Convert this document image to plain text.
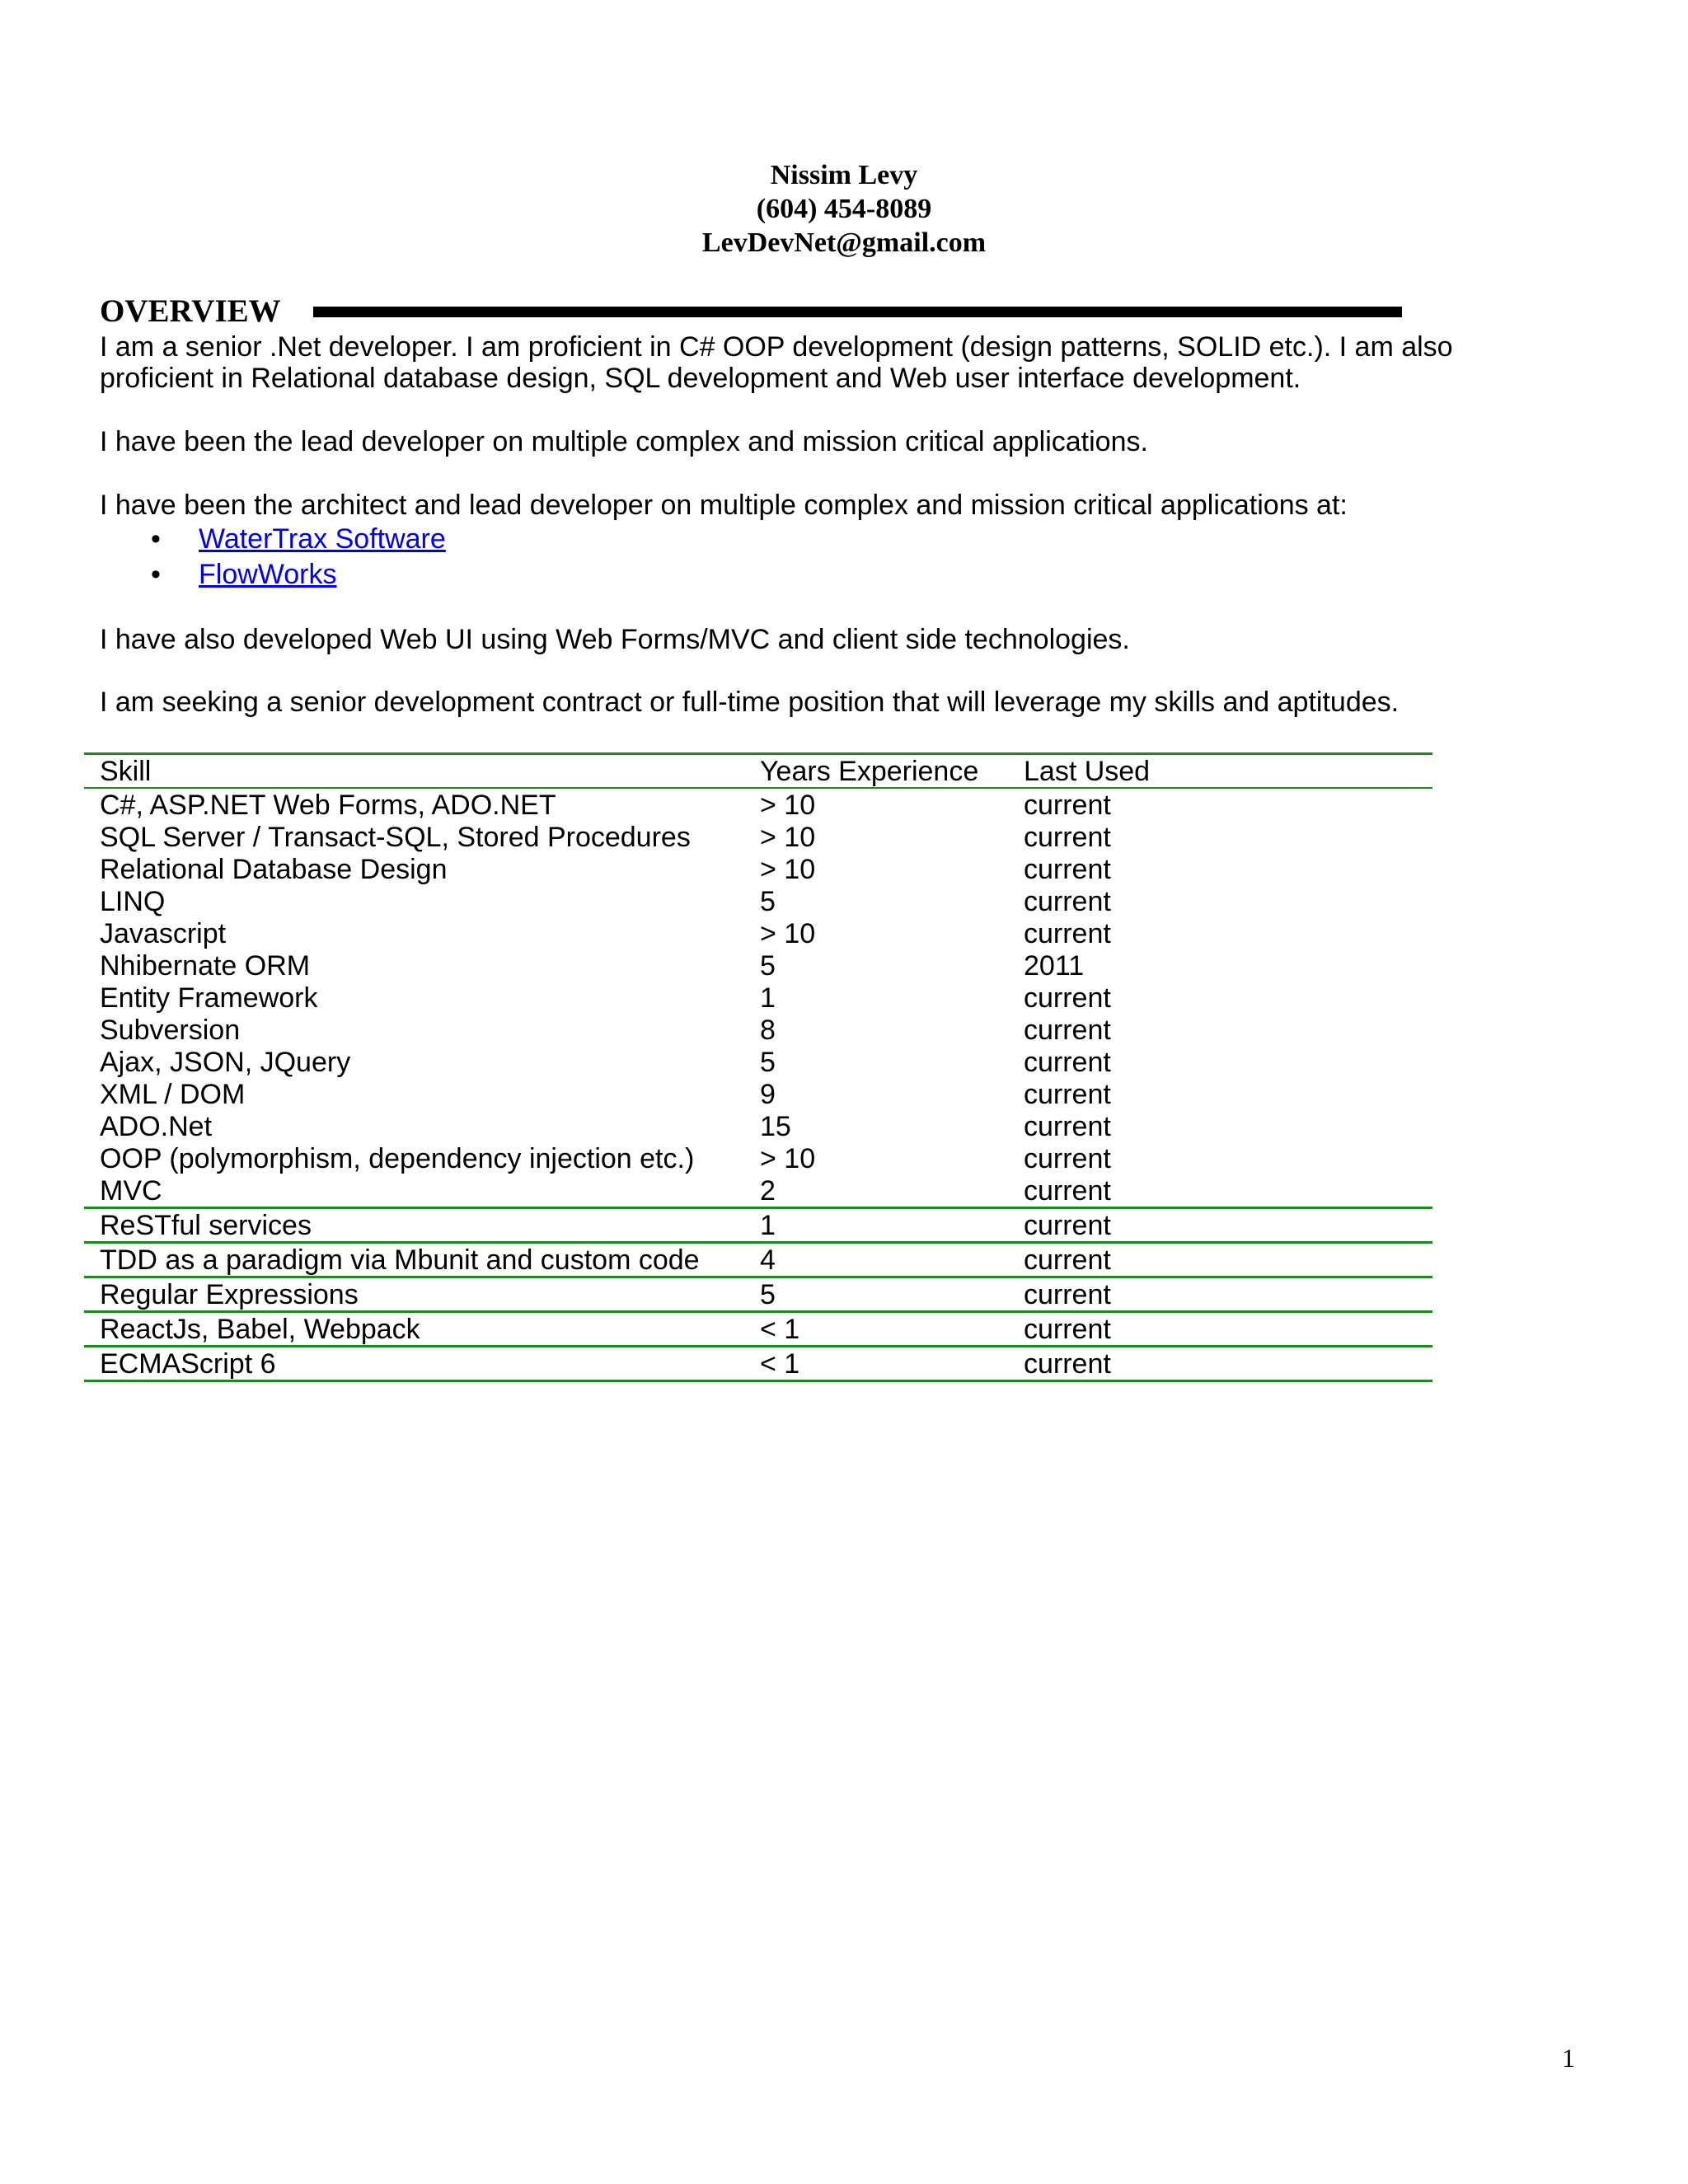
Nissim Levy
(604) 454-8089
LevDevNet@gmail.com
OVERVIEW
I am a senior .Net developer. I am proficient in C# OOP development (design patterns, SOLID etc.). I am also proficient in Relational database design, SQL development and Web user interface development.
I have been the lead developer on multiple complex and mission critical applications.
I have been the architect and lead developer on multiple complex and mission critical applications at:
• WaterTrax Software
• FlowWorks
I have also developed Web UI using Web Forms/MVC and client side technologies.
I am seeking a senior development contract or full-time position that will leverage my skills and aptitudes.
Skill	Years Experience	Last Used
C#, ASP.NET Web Forms, ADO.NET	> 10	current
SQL Server / Transact-SQL, Stored Procedures	> 10	current
Relational Database Design	> 10	current
LINQ	5	current
Javascript	> 10	current
Nhibernate ORM	5	2011
Entity Framework	1	current
Subversion	8	current
Ajax, JSON, JQuery	5	current
XML / DOM	9	current
ADO.Net	15	current
OOP (polymorphism, dependency injection etc.)	> 10	current
MVC	2	current
ReSTful services	1	current
TDD as a paradigm via Mbunit and custom code	4	current
Regular Expressions	5	current
ReactJs, Babel, Webpack	< 1	current
ECMAScript 6	< 1	current
1
